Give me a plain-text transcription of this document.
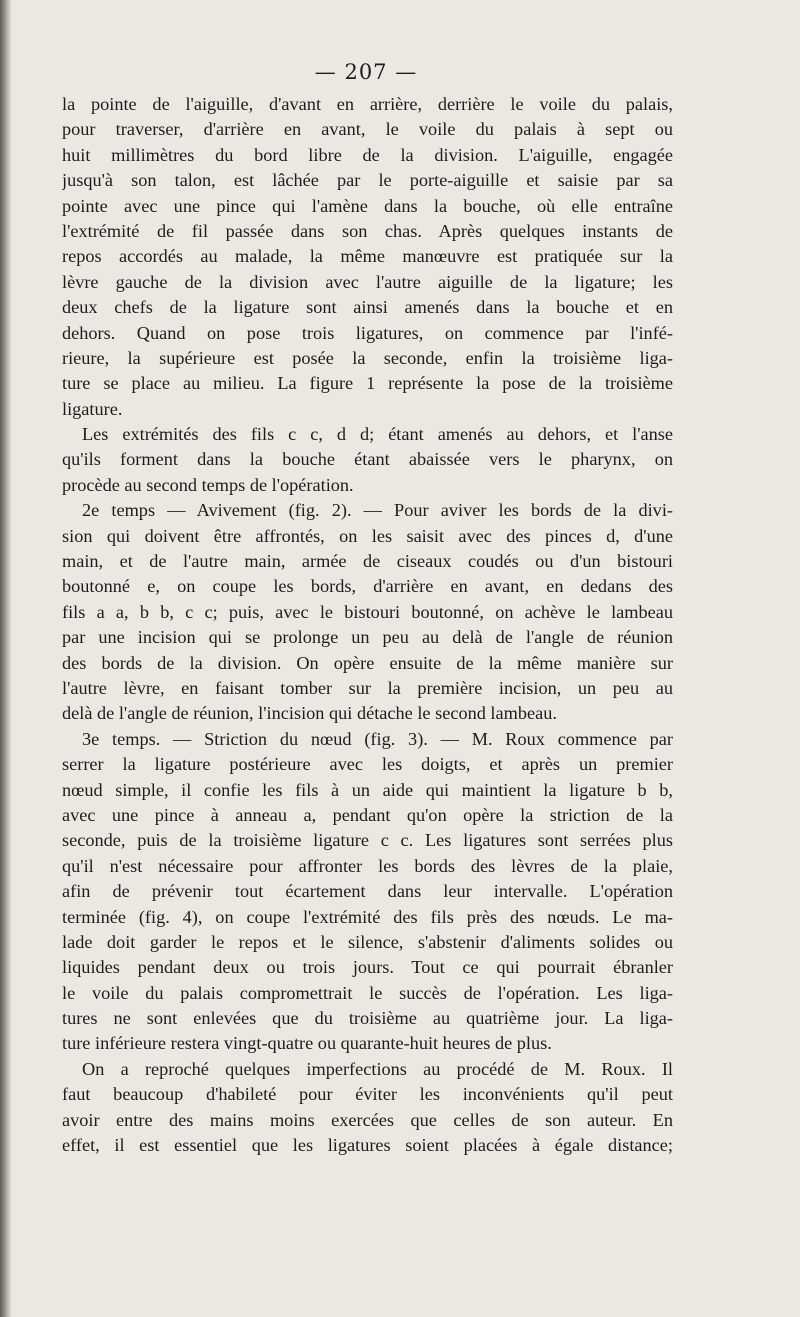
— 207 —
la pointe de l'aiguille, d'avant en arrière, derrière le voile du palais,
pour traverser, d'arrière en avant, le voile du palais à sept ou
huit millimètres du bord libre de la division. L'aiguille, engagée
jusqu'à son talon, est lâchée par le porte-aiguille et saisie par sa
pointe avec une pince qui l'amène dans la bouche, où elle entraîne
l'extrémité de fil passée dans son chas. Après quelques instants de
repos accordés au malade, la même manœuvre est pratiquée sur la
lèvre gauche de la division avec l'autre aiguille de la ligature; les
deux chefs de la ligature sont ainsi amenés dans la bouche et en
dehors. Quand on pose trois ligatures, on commence par l'infé-
rieure, la supérieure est posée la seconde, enfin la troisième liga-
ture se place au milieu. La figure 1 représente la pose de la troisième
ligature.
Les extrémités des fils c c, d d; étant amenés au dehors, et l'anse
qu'ils forment dans la bouche étant abaissée vers le pharynx, on
procède au second temps de l'opération.
2e temps — Avivement (fig. 2). — Pour aviver les bords de la divi-
sion qui doivent être affrontés, on les saisit avec des pinces d, d'une
main, et de l'autre main, armée de ciseaux coudés ou d'un bistouri
boutonné e, on coupe les bords, d'arrière en avant, en dedans des
fils a a, b b, c c; puis, avec le bistouri boutonné, on achève le lambeau
par une incision qui se prolonge un peu au delà de l'angle de réunion
des bords de la division. On opère ensuite de la même manière sur
l'autre lèvre, en faisant tomber sur la première incision, un peu au
delà de l'angle de réunion, l'incision qui détache le second lambeau.
3e temps. — Striction du nœud (fig. 3). — M. Roux commence par
serrer la ligature postérieure avec les doigts, et après un premier
nœud simple, il confie les fils à un aide qui maintient la ligature b b,
avec une pince à anneau a, pendant qu'on opère la striction de la
seconde, puis de la troisième ligature c c. Les ligatures sont serrées plus
qu'il n'est nécessaire pour affronter les bords des lèvres de la plaie,
afin de prévenir tout écartement dans leur intervalle. L'opération
terminée (fig. 4), on coupe l'extrémité des fils près des nœuds. Le ma-
lade doit garder le repos et le silence, s'abstenir d'aliments solides ou
liquides pendant deux ou trois jours. Tout ce qui pourrait ébranler
le voile du palais compromettrait le succès de l'opération. Les liga-
tures ne sont enlevées que du troisième au quatrième jour. La liga-
ture inférieure restera vingt-quatre ou quarante-huit heures de plus.
On a reproché quelques imperfections au procédé de M. Roux. Il
faut beaucoup d'habileté pour éviter les inconvénients qu'il peut
avoir entre des mains moins exercées que celles de son auteur. En
effet, il est essentiel que les ligatures soient placées à égale distance;
